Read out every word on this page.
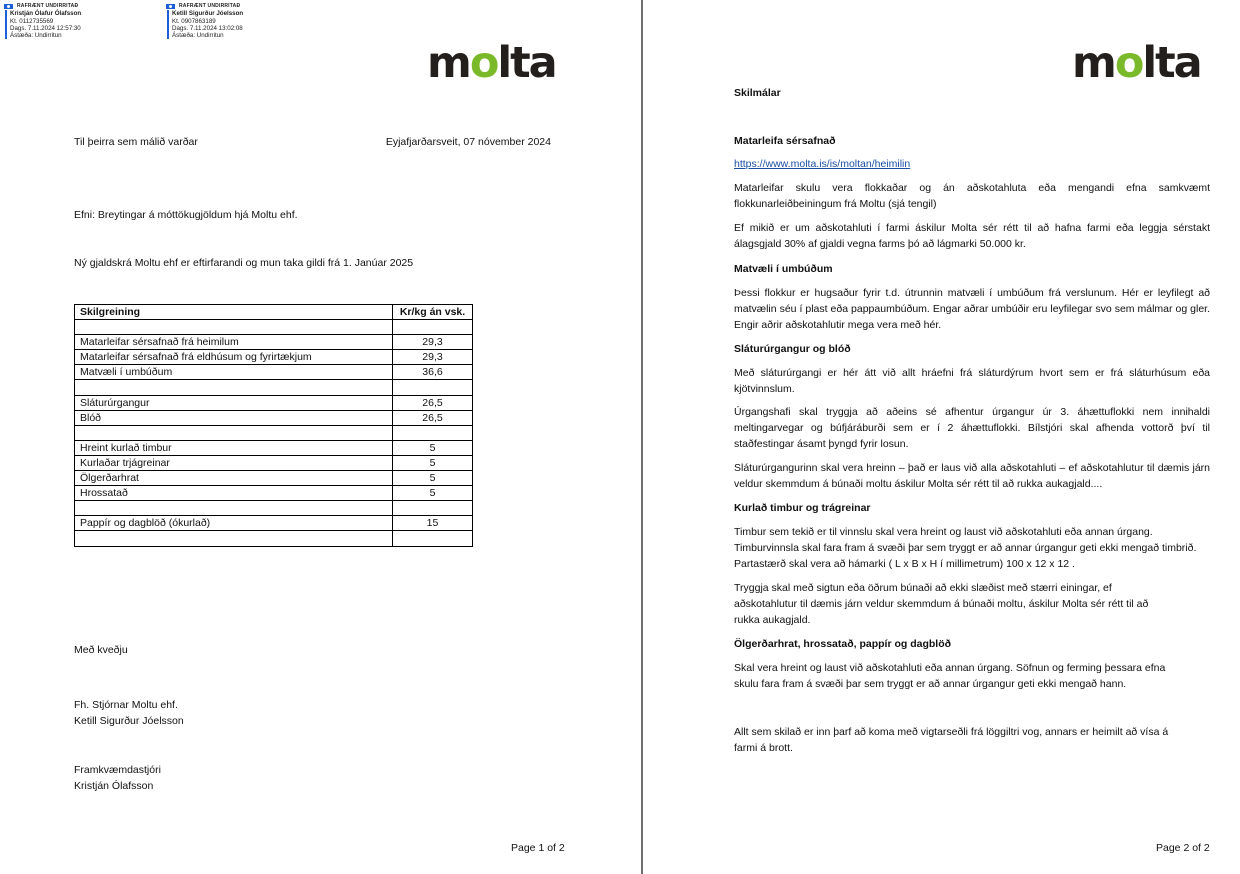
RAFRÆNT UNDIRRITAÐ
Kristján Ólafur Ólafsson
Kt. 0112735569
Dags. 7.11.2024 12:57:30
Ástæða: Undirritun
RAFRÆNT UNDIRRITAÐ
Ketill Sigurður Jóelsson
Kt. 0907863189
Dags. 7.11.2024 13:02:08
Ástæða: Undirritun
molta
Til þeirra sem málið varðar	Eyjafjarðarsveit, 07 nóvember 2024
Efni: Breytingar á móttökugjöldum hjá Moltu ehf.
Ný gjaldskrá Moltu ehf er eftirfarandi og mun taka gildi frá 1. Janúar 2025
Skilgreining	Kr/kg án vsk.

Matarleifar sérsafnað frá heimilum	29,3
Matarleifar sérsafnað frá eldhúsum og fyrirtækjum	29,3
Matvæli í umbúðum	36,6

Sláturúrgangur	26,5
Blóð	26,5

Hreint kurlað timbur	5
Kurlaðar trjágreinar	5
Ölgerðarhrat	5
Hrossatað	5

Pappír og dagblöð (ókurlað)	15

Með kveðju
Fh. Stjórnar Moltu ehf.
Ketill Sigurður Jóelsson
Framkvæmdastjóri
Kristján Ólafsson
Page 1 of 2
molta
Skilmálar
Matarleifa sérsafnað
https://www.molta.is/is/moltan/heimilin
Matarleifar skulu vera flokkaðar og án aðskotahluta eða mengandi efna samkvæmt flokkunarleiðbeiningum frá Moltu (sjá tengil)
Ef mikið er um aðskotahluti í farmi áskilur Molta sér rétt til að hafna farmi eða leggja sérstakt álagsgjald 30% af gjaldi vegna farms þó að lágmarki 50.000 kr.
Matvæli í umbúðum
Þessi flokkur er hugsaður fyrir t.d. útrunnin matvæli í umbúðum frá verslunum. Hér er leyfilegt að matvælin séu í plast eða pappaumbúðum. Engar aðrar umbúðir eru leyfilegar svo sem málmar og gler. Engir aðrir aðskotahlutir mega vera með hér.
Sláturúrgangur og blóð
Með sláturúrgangi er hér átt við allt hráefni frá sláturdýrum hvort sem er frá sláturhúsum eða kjötvinnslum.
Úrgangshafi skal tryggja að aðeins sé afhentur úrgangur úr 3. áhættuflokki nem innihaldi meltingarvegar og búfjáráburði sem er í 2 áhættuflokki. Bílstjóri skal afhenda vottorð því til staðfestingar ásamt þyngd fyrir losun.
Sláturúrgangurinn skal vera hreinn – það er laus við alla aðskotahluti – ef aðskotahlutur til dæmis járn veldur skemmdum á búnaði moltu áskilur Molta sér rétt til að rukka aukagjald....
Kurlað timbur og trágreinar
Timbur sem tekið er til vinnslu skal vera hreint og laust við aðskotahluti eða annan úrgang.
Timburvinnsla skal fara fram á svæði þar sem tryggt er að annar úrgangur geti ekki mengað timbrið. Partastærð skal vera að hámarki ( L x B x H í millimetrum) 100 x 12 x 12 .
Tryggja skal með sigtun eða öðrum búnaði að ekki slæðist með stærri einingar, ef
aðskotahlutur til dæmis járn veldur skemmdum á búnaði moltu, áskilur Molta sér rétt til að
rukka aukagjald.
Ölgerðarhrat, hrossatað, pappír og dagblöð
Skal vera hreint og laust við aðskotahluti eða annan úrgang. Söfnun og ferming þessara efna
skulu fara fram á svæði þar sem tryggt er að annar úrgangur geti ekki mengað hann.
Allt sem skilað er inn þarf að koma með vigtarseðli frá löggiltri vog, annars er heimilt að vísa á
farmi á brott.
Page 2 of 2
